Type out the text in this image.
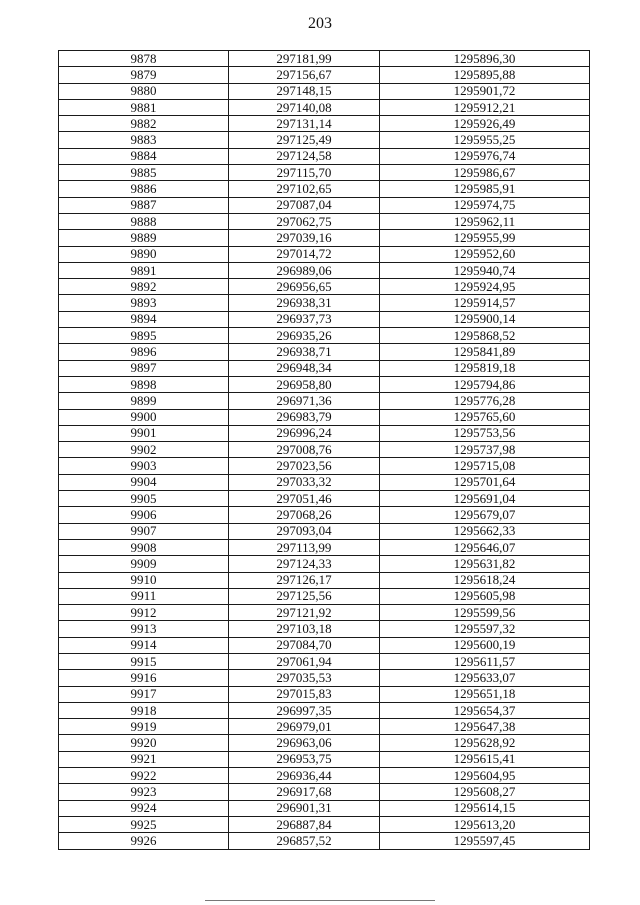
203
9878	297181,99	1295896,30
9879	297156,67	1295895,88
9880	297148,15	1295901,72
9881	297140,08	1295912,21
9882	297131,14	1295926,49
9883	297125,49	1295955,25
9884	297124,58	1295976,74
9885	297115,70	1295986,67
9886	297102,65	1295985,91
9887	297087,04	1295974,75
9888	297062,75	1295962,11
9889	297039,16	1295955,99
9890	297014,72	1295952,60
9891	296989,06	1295940,74
9892	296956,65	1295924,95
9893	296938,31	1295914,57
9894	296937,73	1295900,14
9895	296935,26	1295868,52
9896	296938,71	1295841,89
9897	296948,34	1295819,18
9898	296958,80	1295794,86
9899	296971,36	1295776,28
9900	296983,79	1295765,60
9901	296996,24	1295753,56
9902	297008,76	1295737,98
9903	297023,56	1295715,08
9904	297033,32	1295701,64
9905	297051,46	1295691,04
9906	297068,26	1295679,07
9907	297093,04	1295662,33
9908	297113,99	1295646,07
9909	297124,33	1295631,82
9910	297126,17	1295618,24
9911	297125,56	1295605,98
9912	297121,92	1295599,56
9913	297103,18	1295597,32
9914	297084,70	1295600,19
9915	297061,94	1295611,57
9916	297035,53	1295633,07
9917	297015,83	1295651,18
9918	296997,35	1295654,37
9919	296979,01	1295647,38
9920	296963,06	1295628,92
9921	296953,75	1295615,41
9922	296936,44	1295604,95
9923	296917,68	1295608,27
9924	296901,31	1295614,15
9925	296887,84	1295613,20
9926	296857,52	1295597,45
